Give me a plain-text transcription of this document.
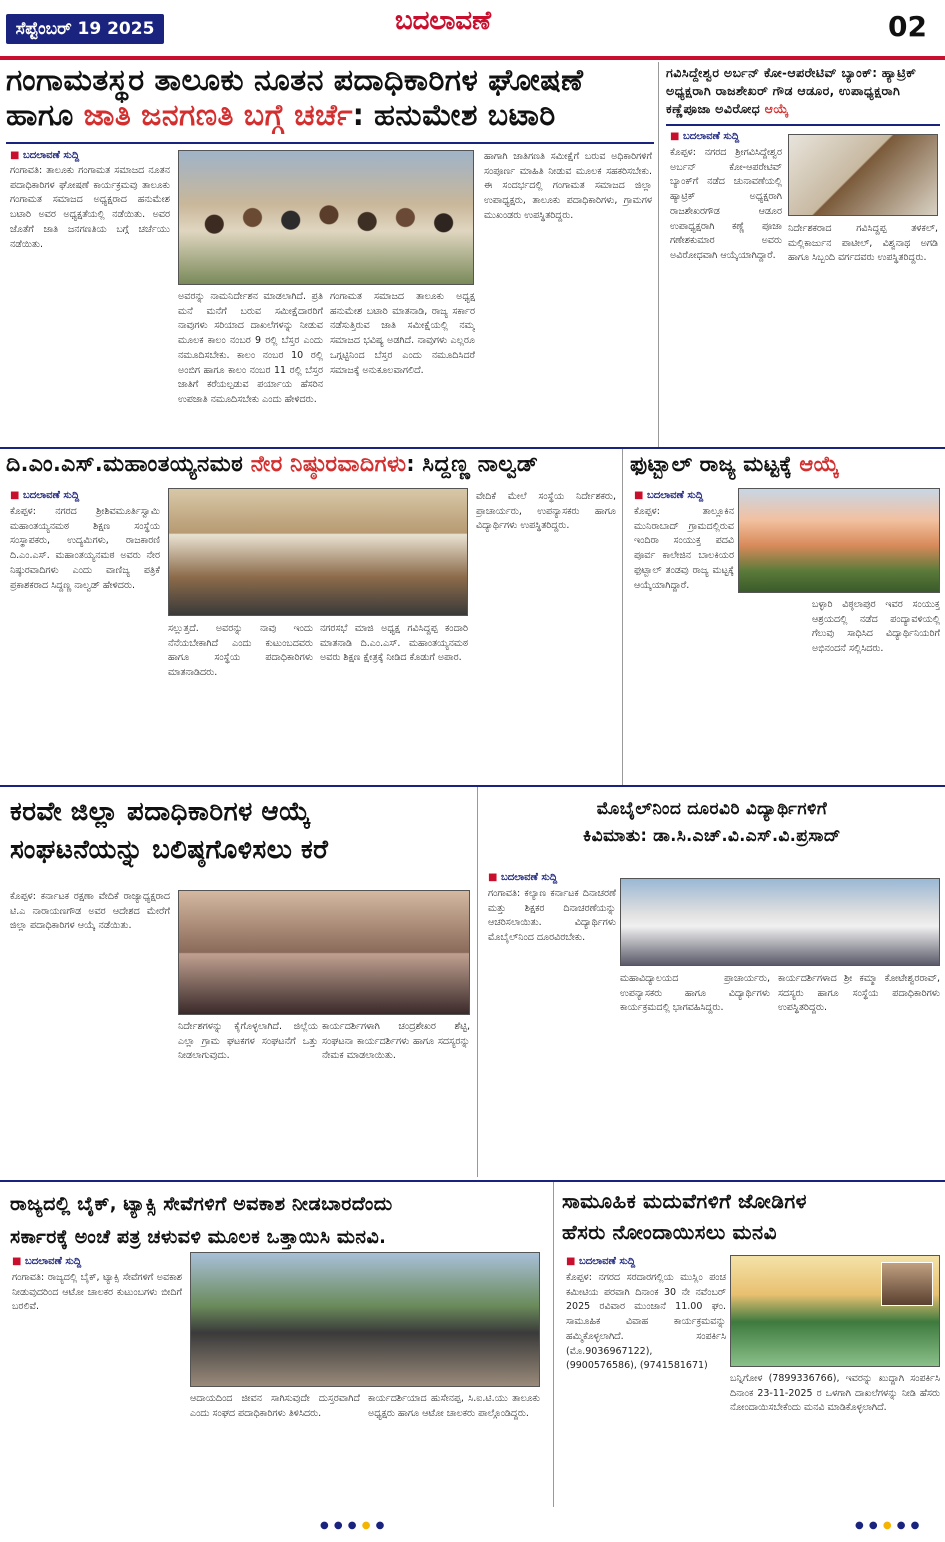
ಸೆಪ್ಟೆಂಬರ್ 19 2025	ಬದಲಾವಣೆ	02
ಗಂಗಾಮತಸ್ಥರ ತಾಲೂಕು ನೂತನ ಪದಾಧಿಕಾರಿಗಳ ಘೋಷಣೆ
ಹಾಗೂ ಜಾತಿ ಜನಗಣತಿ ಬಗ್ಗೆ ಚರ್ಚೆ: ಹನುಮೇಶ ಬಟಾರಿ
■ ಬದಲಾವಣೆ ಸುದ್ದಿ
ಗಂಗಾವತಿ: ತಾಲೂಕು ಗಂಗಾಮತ ಸಮಾಜದ ನೂತನ ಪದಾಧಿಕಾರಿಗಳ ಘೋಷಣೆ ಕಾರ್ಯಕ್ರಮವು ತಾಲೂಕು ಗಂಗಾಮತ ಸಮಾಜದ ಅಧ್ಯಕ್ಷರಾದ ಹನುಮೇಶ ಬಟಾರಿ ಅವರ ಅಧ್ಯಕ್ಷತೆಯಲ್ಲಿ ನಡೆಯಿತು. ಅವರ ಜೊತೆಗೆ ಜಾತಿ ಜನಗಣತಿಯ ಬಗ್ಗೆ ಚರ್ಚೆಯು ನಡೆಯಿತು.
ಅವರನ್ನು ನಾಮನಿರ್ದೇಶನ ಮಾಡಲಾಗಿದೆ. ಪ್ರತಿ ಮನೆ ಮನೆಗೆ ಬರುವ ಸಮೀಕ್ಷೆದಾರರಿಗೆ ನಾವುಗಳು ಸರಿಯಾದ ದಾಖಲೆಗಳನ್ನು ನೀಡುವ ಮೂಲಕ ಕಾಲಂ ನಂಬರ 9 ರಲ್ಲಿ ಬೆಸ್ತರ ಎಂದು ನಮೂದಿಸಬೇಕು. ಕಾಲಂ ನಂಬರ 10 ರಲ್ಲಿ ಅಂಬಿಗ ಹಾಗೂ ಕಾಲಂ ನಂಬರ 11 ರಲ್ಲಿ ಬೆಸ್ತರ ಜಾತಿಗೆ ಕರೆಯಲ್ಪಡುವ ಪರ್ಯಾಯ ಹೆಸರಿನ ಉಪಜಾತಿ ನಮೂದಿಸಬೇಕು ಎಂದು ಹೇಳಿದರು.
ಗಂಗಾಮತ ಸಮಾಜದ ತಾಲೂಕು ಅಧ್ಯಕ್ಷ ಹನುಮೇಶ ಬಟಾರಿ ಮಾತನಾಡಿ, ರಾಜ್ಯ ಸರ್ಕಾರ ನಡೆಸುತ್ತಿರುವ ಜಾತಿ ಸಮೀಕ್ಷೆಯಲ್ಲಿ ನಮ್ಮ ಸಮಾಜದ ಭವಿಷ್ಯ ಅಡಗಿದೆ. ನಾವುಗಳು ಎಲ್ಲರೂ ಒಗ್ಗಟ್ಟಿನಿಂದ ಬೆಸ್ತರ ಎಂದು ನಮೂದಿಸಿದರೆ ಸಮಾಜಕ್ಕೆ ಅನುಕೂಲವಾಗಲಿದೆ.
ಹಾಗಾಗಿ ಜಾತಿಗಣತಿ ಸಮೀಕ್ಷೆಗೆ ಬರುವ ಅಧಿಕಾರಿಗಳಿಗೆ ಸಂಪೂರ್ಣ ಮಾಹಿತಿ ನೀಡುವ ಮೂಲಕ ಸಹಕರಿಸಬೇಕು. ಈ ಸಂದರ್ಭದಲ್ಲಿ ಗಂಗಾಮತ ಸಮಾಜದ ಜಿಲ್ಲಾ ಉಪಾಧ್ಯಕ್ಷರು, ತಾಲೂಕು ಪದಾಧಿಕಾರಿಗಳು, ಗ್ರಾಮಗಳ ಮುಖಂಡರು ಉಪಸ್ಥಿತರಿದ್ದರು.
ಗವಿಸಿದ್ದೇಶ್ವರ ಅರ್ಬನ್ ಕೋ-ಆಪರೇಟಿವ್ ಬ್ಯಾಂಕ್: ಹ್ಯಾಟ್ರಿಕ್ ಅಧ್ಯಕ್ಷರಾಗಿ ರಾಜಶೇಖರ್ ಗೌಡ ಆಡೂರ, ಉಪಾಧ್ಯಕ್ಷರಾಗಿ ಕಣ್ಣೆಪೂಜಾ ಅವಿರೋಧ ಆಯ್ಕೆ
■ ಬದಲಾವಣೆ ಸುದ್ದಿ
ಕೊಪ್ಪಳ: ನಗರದ ಶ್ರೀಗವಿಸಿದ್ದೇಶ್ವರ ಅರ್ಬನ್ ಕೋ-ಆಪರೇಟಿವ್ ಬ್ಯಾಂಕ್‌ಗೆ ನಡೆದ ಚುನಾವಣೆಯಲ್ಲಿ ಹ್ಯಾಟ್ರಿಕ್ ಅಧ್ಯಕ್ಷರಾಗಿ ರಾಜಶೇಖರಗೌಡ ಆಡೂರ ಉಪಾಧ್ಯಕ್ಷರಾಗಿ ಕಣ್ಣೆ ಪೂಜಾ ಗಣೇಶಕುಮಾರ ಅವರು ಅವಿರೋಧವಾಗಿ ಆಯ್ಕೆಯಾಗಿದ್ದಾರೆ.
ನಿರ್ದೇಶಕರಾದ ಗವಿಸಿದ್ದಪ್ಪ ತಳಕಲ್, ಮಲ್ಲಿಕಾರ್ಜುನ ಪಾಟೀಲ್, ವಿಶ್ವನಾಥ ಅಗಡಿ ಹಾಗೂ ಸಿಬ್ಬಂದಿ ವರ್ಗದವರು ಉಪಸ್ಥಿತರಿದ್ದರು.
ದಿ.ಎಂ.ಎಸ್.ಮಹಾಂತಯ್ಯನಮಠ ನೇರ ನಿಷ್ಠುರವಾದಿಗಳು: ಸಿದ್ದಣ್ಣ ನಾಲ್ವಡ್
■ ಬದಲಾವಣೆ ಸುದ್ದಿ
ಕೊಪ್ಪಳ: ನಗರದ ಶ್ರೀಶಿವಮೂರ್ತಿಸ್ವಾಮಿ ಮಹಾಂತಯ್ಯನಮಠ ಶಿಕ್ಷಣ ಸಂಸ್ಥೆಯ ಸಂಸ್ಥಾಪಕರು, ಉದ್ಯಮಿಗಳು, ರಾಜಕಾರಣಿ ದಿ.ಎಂ.ಎಸ್. ಮಹಾಂತಯ್ಯನಮಠ ಅವರು ನೇರ ನಿಷ್ಠುರವಾದಿಗಳು ಎಂದು ವಾಣಿಜ್ಯ ಪತ್ರಿಕೆ ಪ್ರಕಾಶಕರಾದ ಸಿದ್ದಣ್ಣ ನಾಲ್ವಡ್ ಹೇಳಿದರು.
ಸಲ್ಲುತ್ತದೆ. ಅವರನ್ನು ನಾವು ಇಂದು ನೆನೆಯಬೇಕಾಗಿದೆ ಎಂದು ಕುಟುಂಬದವರು ಹಾಗೂ ಸಂಸ್ಥೆಯ ಪದಾಧಿಕಾರಿಗಳು ಮಾತನಾಡಿದರು.
ನಗರಸಭೆ ಮಾಜಿ ಅಧ್ಯಕ್ಷ ಗವಿಸಿದ್ದಪ್ಪ ಕಂದಾರಿ ಮಾತನಾಡಿ ದಿ.ಎಂ.ಎಸ್. ಮಹಾಂತಯ್ಯನಮಠ ಅವರು ಶಿಕ್ಷಣ ಕ್ಷೇತ್ರಕ್ಕೆ ನೀಡಿದ ಕೊಡುಗೆ ಅಪಾರ.
ವೇದಿಕೆ ಮೇಲೆ ಸಂಸ್ಥೆಯ ನಿರ್ದೇಶಕರು, ಪ್ರಾಚಾರ್ಯರು, ಉಪನ್ಯಾಸಕರು ಹಾಗೂ ವಿದ್ಯಾರ್ಥಿಗಳು ಉಪಸ್ಥಿತರಿದ್ದರು.
ಫುಟ್ಬಾಲ್ ರಾಜ್ಯ ಮಟ್ಟಕ್ಕೆ ಆಯ್ಕೆ
■ ಬದಲಾವಣೆ ಸುದ್ದಿ
ಕೊಪ್ಪಳ: ತಾಲ್ಲೂಕಿನ ಮುನಿರಾಬಾದ್ ಗ್ರಾಮದಲ್ಲಿರುವ ಇಂದಿರಾ ಸಂಯುಕ್ತ ಪದವಿ ಪೂರ್ವ ಕಾಲೇಜಿನ ಬಾಲಕಿಯರ ಫುಟ್ಬಾಲ್ ತಂಡವು ರಾಜ್ಯ ಮಟ್ಟಕ್ಕೆ ಆಯ್ಕೆಯಾಗಿದ್ದಾರೆ.
ಬಳ್ಳಾರಿ ವಿಠ್ಠಲಾಪುರ ಇವರ ಸಂಯುಕ್ತ ಆಶ್ರಯದಲ್ಲಿ ನಡೆದ ಪಂದ್ಯಾವಳಿಯಲ್ಲಿ ಗೆಲುವು ಸಾಧಿಸಿದ ವಿದ್ಯಾರ್ಥಿನಿಯರಿಗೆ ಅಭಿನಂದನೆ ಸಲ್ಲಿಸಿದರು.
ಕರವೇ ಜಿಲ್ಲಾ ಪದಾಧಿಕಾರಿಗಳ ಆಯ್ಕೆ
ಸಂಘಟನೆಯನ್ನು ಬಲಿಷ್ಠಗೊಳಿಸಲು ಕರೆ
ಕೊಪ್ಪಳ: ಕರ್ನಾಟಕ ರಕ್ಷಣಾ ವೇದಿಕೆ ರಾಜ್ಯಾಧ್ಯಕ್ಷರಾದ ಟಿ.ಎ ನಾರಾಯಣಗೌಡ ಅವರ ಆದೇಶದ ಮೇರೆಗೆ ಜಿಲ್ಲಾ ಪದಾಧಿಕಾರಿಗಳ ಆಯ್ಕೆ ನಡೆಯಿತು.
ನಿರ್ದೇಶಗಳನ್ನು ಕೈಗೊಳ್ಳಲಾಗಿದೆ. ಜಿಲ್ಲೆಯ ಎಲ್ಲಾ ಗ್ರಾಮ ಘಟಕಗಳ ಸಂಘಟನೆಗೆ ಒತ್ತು ನೀಡಲಾಗುವುದು.
ಕಾರ್ಯದರ್ಶಿಗಳಾಗಿ ಚಂದ್ರಶೇಖರ ಶೆಟ್ಟಿ, ಸಂಘಟನಾ ಕಾರ್ಯದರ್ಶಿಗಳು ಹಾಗೂ ಸದಸ್ಯರನ್ನು ನೇಮಕ ಮಾಡಲಾಯಿತು.
ಮೊಬೈಲ್‌ನಿಂದ ದೂರವಿರಿ ವಿದ್ಯಾರ್ಥಿಗಳಿಗೆ
ಕಿವಿಮಾತು: ಡಾ.ಸಿ.ಎಚ್.ವಿ.ಎಸ್.ವಿ.ಪ್ರಸಾದ್
■ ಬದಲಾವಣೆ ಸುದ್ದಿ
ಗಂಗಾವತಿ: ಕಲ್ಯಾಣ ಕರ್ನಾಟಕ ದಿನಾಚರಣೆ ಮತ್ತು ಶಿಕ್ಷಕರ ದಿನಾಚರಣೆಯನ್ನು ಆಚರಿಸಲಾಯಿತು. ವಿದ್ಯಾರ್ಥಿಗಳು ಮೊಬೈಲ್‌ನಿಂದ ದೂರವಿರಬೇಕು.
ಮಹಾವಿದ್ಯಾಲಯದ ಪ್ರಾಚಾರ್ಯರು, ಉಪನ್ಯಾಸಕರು ಹಾಗೂ ವಿದ್ಯಾರ್ಥಿಗಳು ಕಾರ್ಯಕ್ರಮದಲ್ಲಿ ಭಾಗವಹಿಸಿದ್ದರು.
ಕಾರ್ಯದರ್ಶಿಗಳಾದ ಶ್ರೀ ಕಮ್ಮಾ ಕೋಟೇಶ್ವರರಾವ್, ಸದಸ್ಯರು ಹಾಗೂ ಸಂಸ್ಥೆಯ ಪದಾಧಿಕಾರಿಗಳು ಉಪಸ್ಥಿತರಿದ್ದರು.
ರಾಜ್ಯದಲ್ಲಿ ಬೈಕ್, ಟ್ಯಾಕ್ಸಿ ಸೇವೆಗಳಿಗೆ ಅವಕಾಶ ನೀಡಬಾರದೆಂದು
ಸರ್ಕಾರಕ್ಕೆ ಅಂಚೆ ಪತ್ರ ಚಳುವಳಿ ಮೂಲಕ ಒತ್ತಾಯಿಸಿ ಮನವಿ.
■ ಬದಲಾವಣೆ ಸುದ್ದಿ
ಗಂಗಾವತಿ: ರಾಜ್ಯದಲ್ಲಿ ಬೈಕ್, ಟ್ಯಾಕ್ಸಿ ಸೇವೆಗಳಿಗೆ ಅವಕಾಶ ನೀಡುವುದರಿಂದ ಆಟೋ ಚಾಲಕರ ಕುಟುಂಬಗಳು ಬೀದಿಗೆ ಬರಲಿವೆ.
ಆದಾಯದಿಂದ ಜೀವನ ಸಾಗಿಸುವುದೇ ದುಸ್ತರವಾಗಿದೆ ಎಂದು ಸಂಘದ ಪದಾಧಿಕಾರಿಗಳು ತಿಳಿಸಿದರು.
ಕಾರ್ಯದರ್ಶಿಯಾದ ಹುಸೇನಪ್ಪ, ಸಿ.ಐ.ಟಿ.ಯು ತಾಲೂಕು ಅಧ್ಯಕ್ಷರು ಹಾಗೂ ಆಟೋ ಚಾಲಕರು ಪಾಲ್ಗೊಂಡಿದ್ದರು.
ಸಾಮೂಹಿಕ ಮದುವೆಗಳಿಗೆ ಜೋಡಿಗಳ
ಹೆಸರು ನೋಂದಾಯಿಸಲು ಮನವಿ
■ ಬದಲಾವಣೆ ಸುದ್ದಿ
ಕೊಪ್ಪಳ: ನಗರದ ಸರದಾರಗಲ್ಲಿಯ ಮುಸ್ಲಿಂ ಪಂಚ ಕಮೀಟಿಯ ಪರವಾಗಿ ದಿನಾಂಕ 30 ನೇ ನವೆಂಬರ್ 2025 ರವಿವಾರ ಮುಂಜಾನೆ 11.00 ಘಂ. ಸಾಮೂಹಿಕ ವಿವಾಹ ಕಾರ್ಯಕ್ರಮವನ್ನು ಹಮ್ಮಿಕೊಳ್ಳಲಾಗಿದೆ. ಸಂಪರ್ಕಿಸಿ (ಮೊ.9036967122), (9900576586), (9741581671)
ಬನ್ನಿಗೋಳ (7899336766), ಇವರನ್ನು ಖುದ್ದಾಗಿ ಸಂಪರ್ಕಿಸಿ ದಿನಾಂಕ 23-11-2025 ರ ಒಳಗಾಗಿ ದಾಖಲೆಗಳನ್ನು ನೀಡಿ ಹೆಸರು ನೋಂದಾಯಿಸಬೇಕೆಂದು ಮನವಿ ಮಾಡಿಕೊಳ್ಳಲಾಗಿದೆ.
● ● ● ● ●	● ● ● ● ●
